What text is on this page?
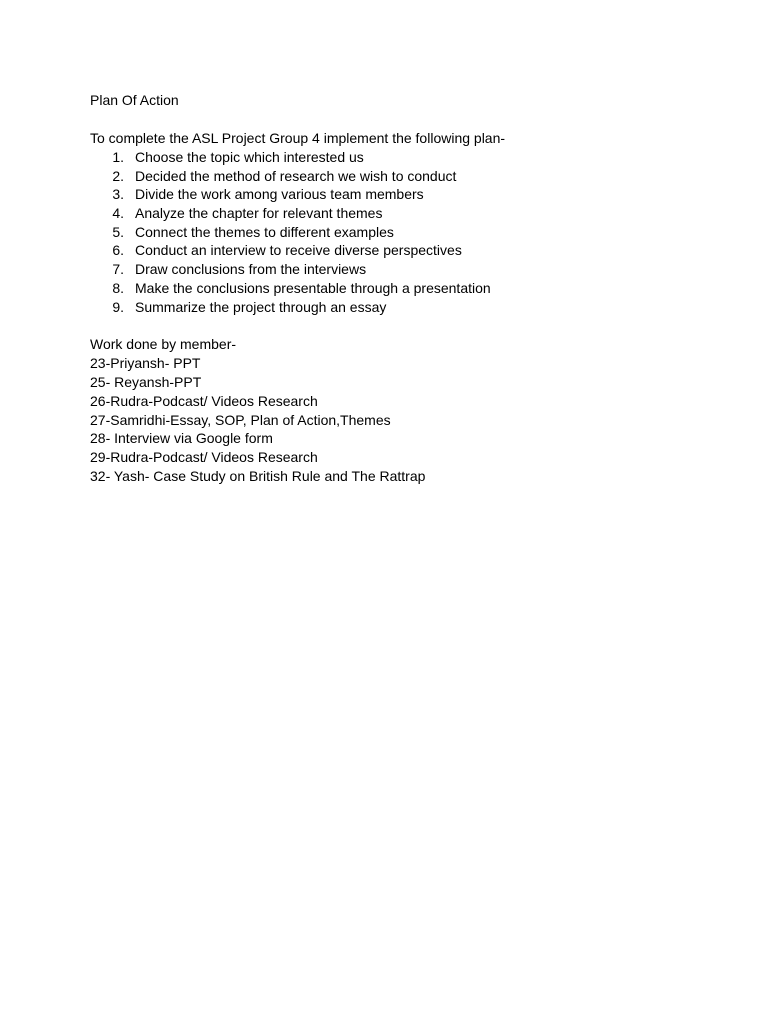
Plan Of Action
To complete the ASL Project Group 4 implement the following plan-
1. Choose the topic which interested us
2. Decided the method of research we wish to conduct
3. Divide the work among various team members
4. Analyze the chapter for relevant themes
5. Connect the themes to different examples
6. Conduct an interview to receive diverse perspectives
7. Draw conclusions from the interviews
8. Make the conclusions presentable through a presentation
9. Summarize the project through an essay
Work done by member-
23-Priyansh- PPT
25- Reyansh-PPT
26-Rudra-Podcast/ Videos Research
27-Samridhi-Essay, SOP, Plan of Action,Themes
28- Interview via Google form
29-Rudra-Podcast/ Videos Research
32- Yash- Case Study on British Rule and The Rattrap
